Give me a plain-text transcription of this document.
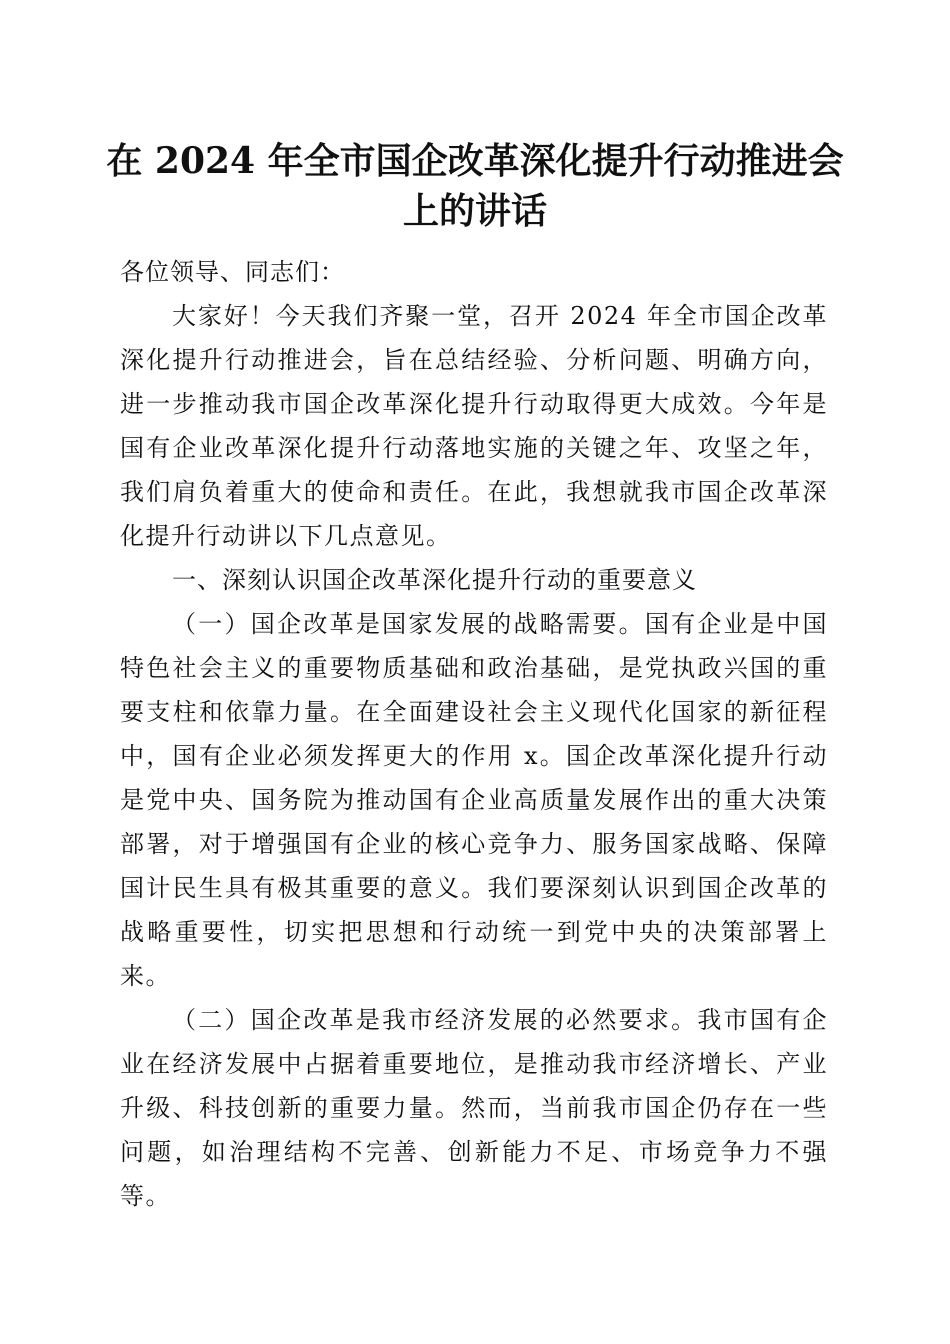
在 2024 年全市国企改革深化提升行动推进会
上的讲话

各位领导、同志们：

大家好！今天我们齐聚一堂，召开 2024 年全市国企改革深化提升行动推进会，旨在总结经验、分析问题、明确方向，进一步推动我市国企改革深化提升行动取得更大成效。今年是国有企业改革深化提升行动落地实施的关键之年、攻坚之年，我们肩负着重大的使命和责任。在此，我想就我市国企改革深化提升行动讲以下几点意见。

一、深刻认识国企改革深化提升行动的重要意义

（一）国企改革是国家发展的战略需要。国有企业是中国特色社会主义的重要物质基础和政治基础，是党执政兴国的重要支柱和依靠力量。在全面建设社会主义现代化国家的新征程中，国有企业必须发挥更大的作用 x。国企改革深化提升行动是党中央、国务院为推动国有企业高质量发展作出的重大决策部署，对于增强国有企业的核心竞争力、服务国家战略、保障国计民生具有极其重要的意义。我们要深刻认识到国企改革的战略重要性，切实把思想和行动统一到党中央的决策部署上来。

（二）国企改革是我市经济发展的必然要求。我市国有企业在经济发展中占据着重要地位，是推动我市经济增长、产业升级、科技创新的重要力量。然而，当前我市国企仍存在一些问题，如治理结构不完善、创新能力不足、市场竞争力不强等。
